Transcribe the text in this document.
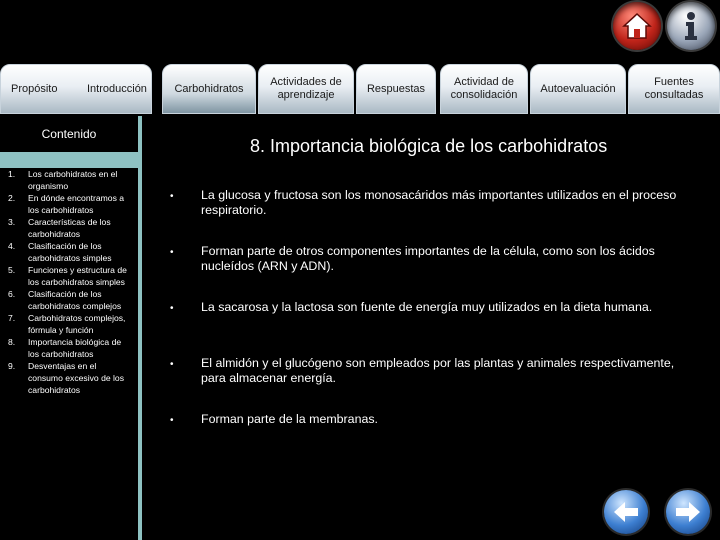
Propósito	Introducción	Carbohidratos
Actividades de aprendizaje
Respuestas
Actividad de consolidación
Autoevaluación
Fuentes consultadas
Contenido
1. Los carbohidratos en el organismo
2. En dónde encontramos a los carbohidratos
3. Características de los carbohidratos
4. Clasificación de los carbohidratos simples
5. Funciones y estructura de los carbohidratos simples
6. Clasificación de los carbohidratos complejos
7. Carbohidratos complejos, fórmula y función
8. Importancia biológica de los carbohidratos
9. Desventajas en el consumo excesivo de los carbohidratos
8. Importancia biológica de los carbohidratos
• La glucosa y fructosa son los monosacáridos más importantes utilizados en el proceso respiratorio.
• Forman parte de otros componentes importantes de la célula, como son los ácidos nucleídos (ARN y ADN).
• La sacarosa y la lactosa son fuente de energía muy utilizados en la dieta humana.
• El almidón y el glucógeno son empleados por las plantas y animales respectivamente, para almacenar energía.
• Forman parte de la membranas.
